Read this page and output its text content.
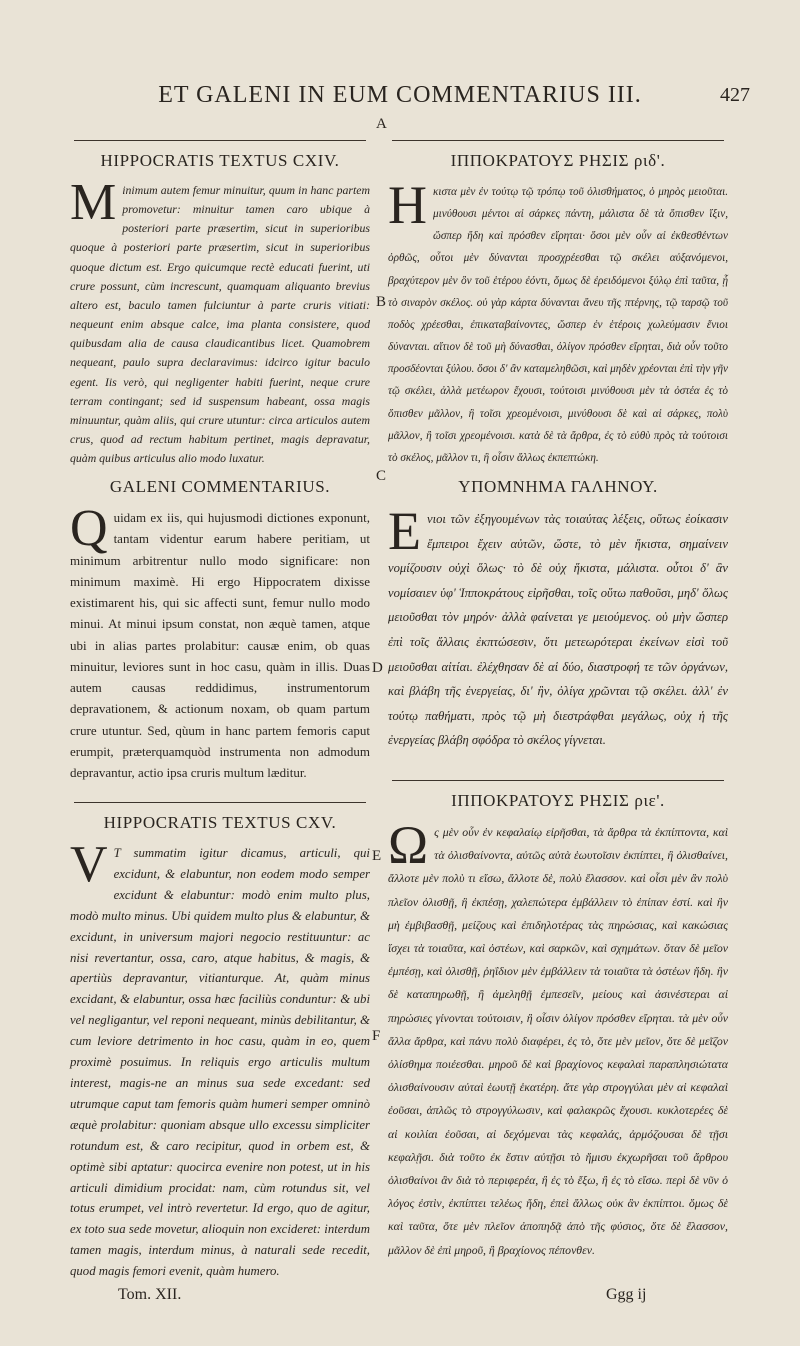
ET GALENI IN EUM COMMENTARIUS III.	427
A
B
C
D
E
F
HIPPOCRATIS TEXTUS CXIV.

M inimum autem femur minuitur, quum in hanc partem promovetur: minuitur tamen caro ubique à posteriori parte præsertim, sicut in superioribus quoque à posteriori parte præsertim, sicut in superioribus quoque dictum est. Ergo quicumque rectè educati fuerint, uti crure possunt, cùm increscunt, quamquam aliquanto brevius altero est, baculo tamen fulciuntur à parte cruris vitiati: nequeunt enim absque calce, ima planta consistere, quod quibusdam alia de causa claudicantibus licet. Quamobrem nequeant, paulo supra declaravimus: idcirco igitur baculo egent. Iis verò, qui negligenter habiti fuerint, neque crure terram contingant; sed id suspensum habeant, ossa magis minuuntur, quàm aliis, qui crure utuntur: circa articulos autem crus, quod ad rectum habitum pertinet, magis depravatur, quàm quibus articulus alio modo luxatur.

GALENI COMMENTARIUS.

Q uidam ex iis, qui hujusmodi dictiones exponunt, tantam videntur earum habere peritiam, ut minimum arbitrentur nullo modo significare: non minimum maximè. Hi ergo Hippocratem dixisse existimarent his, qui sic affecti sunt, femur nullo modo minui. At minui ipsum constat, non æquè tamen, atque ubi in alias partes prolabitur: causæ enim, ob quas minuitur, leviores sunt in hoc casu, quàm in illis. Duas autem causas reddidimus, instrumentorum depravationem, & actionum noxam, ob quam partum crure utuntur. Sed, qùum in hanc partem femoris caput erumpit, præterquamquòd instrumenta non admodum depravantur, actio ipsa cruris multum læditur.

HIPPOCRATIS TEXTUS CXV.

V T summatim igitur dicamus, articuli, qui excidunt, & elabuntur, non eodem modo semper excidunt & elabuntur: modò enim multo plus, modò multo minus. Ubi quidem multo plus & elabuntur, & excidunt, in universum majori negocio restituuntur: ac nisi revertantur, ossa, caro, atque habitus, & magis, & apertiùs depravantur, vitianturque. At, quàm minus excidant, & elabuntur, ossa hæc faciliùs conduntur: & ubi vel negligantur, vel reponi nequeant, minùs debilitantur, & cum leviore detrimento in hoc casu, quàm in eo, quem proximè posuimus. In reliquis ergo articulis multum interest, magis-ne an minus sua sede excedant: sed utrumque caput tam femoris quàm humeri semper omninò æquè prolabitur: quoniam absque ullo excessu simpliciter rotundum est, & caro recipitur, quod in orbem est, & optimè sibi aptatur: quocirca evenire non potest, ut in his articuli dimidium procidat: nam, cùm rotundus sit, vel totus erumpet, vel intrò revertetur. Id ergo, quo de agitur, ex toto sua sede movetur, alioquin non excideret: interdum tamen magis, interdum minus, à naturali sede recedit, quod magis femori evenit, quàm humero.

Tom. XII.
ΙΠΠΟΚΡΑΤΟΥΣ ΡΗΣΙΣ ριδ'.

Η κιστα μὲν ἐν τούτῳ τῷ τρόπῳ τοῦ ὀλισθήματος, ὁ μηρὸς μειοῦται. μινύθουσι μέντοι αἱ σάρκες πάντη, μάλιστα δὲ τὰ ὄπισθεν ἴξιν, ὥσπερ ἤδη καὶ πρόσθεν εἴρηται· ὅσοι μὲν οὖν αἱ ἐκθεσθέντων ὀρθῶς, οὗτοι μὲν δύνανται προσχρέεσθαι τῷ σκέλει αὐξανόμενοι, βραχύτερον μὲν ὂν τοῦ ἑτέρου ἐόντι, ὅμως δὲ ἐρειδόμενοι ξύλῳ ἐπὶ ταῦτα, ᾗ τὸ σιναρὸν σκέλος. οὐ γὰρ κάρτα δύνανται ἄνευ τῆς πτέρνης, τῷ ταρσῷ τοῦ ποδὸς χρέεσθαι, ἐπικαταβαίνοντες, ὥσπερ ἐν ἑτέροις χωλεύμασιν ἔνιοι δύνανται. αἴτιον δὲ τοῦ μὴ δύνασθαι, ὀλίγον πρόσθεν εἴρηται, διὰ οὖν τοῦτο προσδέονται ξύλου. ὅσοι δ' ἂν καταμεληθῶσι, καὶ μηδὲν χρέονται ἐπὶ τὴν γῆν τῷ σκέλει, ἀλλὰ μετέωρον ἔχουσι, τούτοισι μινύθουσι μὲν τὰ ὀστέα ἐς τὸ ὄπισθεν μᾶλλον, ἢ τοῖσι χρεομένοισι, μινύθουσι δὲ καὶ αἱ σάρκες, πολὺ μᾶλλον, ἢ τοῖσι χρεομένοισι. κατὰ δὲ τὰ ἄρθρα, ἐς τὸ εὐθὺ πρὸς τὰ τούτοισι τὸ σκέλος, μᾶλλον τι, ἢ οἷσιν ἄλλως ἐκπεπτώκη.

ΥΠΟΜΝΗΜΑ ΓΑΛΗΝΟΥ.

Ε νιοι τῶν ἐξηγουμένων τὰς τοιαύτας λέξεις, οὕτως ἐοίκασιν ἔμπειροι ἔχειν αὐτῶν, ὥστε, τὸ μὲν ἥκιστα, σημαίνειν νομίζουσιν οὐχὶ ὅλως· τὸ δὲ οὐχ ἥκιστα, μάλιστα. οὗτοι δ' ἂν νομίσαιεν ὑφ' Ἱπποκράτους εἰρῆσθαι, τοῖς οὕτω παθοῦσι, μηδ' ὅλως μειοῦσθαι τὸν μηρόν· ἀλλὰ φαίνεται γε μειούμενος. οὐ μὴν ὥσπερ ἐπὶ τοῖς ἄλλαις ἐκπτώσεσιν, ὅτι μετεωρότεραι ἐκείνων εἰσὶ τοῦ μειοῦσθαι αἰτίαι. ἐλέχθησαν δὲ αἱ δύο, διαστροφή τε τῶν ὀργάνων, καὶ βλάβη τῆς ἐνεργείας, δι' ἣν, ὀλίγα χρῶνται τῷ σκέλει. ἀλλ' ἐν τούτῳ παθήματι, πρὸς τῷ μὴ διεστράφθαι μεγάλως, οὐχ ἡ τῆς ἐνεργείας βλάβη σφόδρα τὸ σκέλος γίγνεται.

ΙΠΠΟΚΡΑΤΟΥΣ ΡΗΣΙΣ ριε'.

Ω ς μὲν οὖν ἐν κεφαλαίῳ εἰρῆσθαι, τὰ ἄρθρα τὰ ἐκπίπτοντα, καὶ τὰ ὀλισθαίνοντα, αὐτῶς αὐτὰ ἑωυτοῖσιν ἐκπίπτει, ἢ ὀλισθαίνει, ἄλλοτε μὲν πολὺ τι εἴσω, ἄλλοτε δὲ, πολὺ ἔλασσον. καὶ οἷσι μὲν ἂν πολὺ πλεῖον ὀλισθῇ, ἢ ἐκπέσῃ, χαλεπώτερα ἐμβάλλειν τὸ ἐπίπαν ἐστί. καὶ ἢν μὴ ἐμβιβασθῇ, μείζους καὶ ἐπιδηλοτέρας τὰς πηρώσιας, καὶ κακώσιας ἴσχει τὰ τοιαῦτα, καὶ ὀστέων, καὶ σαρκῶν, καὶ σχημάτων. ὅταν δὲ μεῖον ἐμπέσῃ, καὶ ὀλισθῇ, ῥηΐδιον μὲν ἐμβάλλειν τὰ τοιαῦτα τὰ ὀστέων ἤδη. ἢν δὲ καταπηρωθῇ, ἢ ἀμεληθῇ ἐμπεσεῖν, μείους καὶ ἀσινέστεραι αἱ πηρώσιες γίνονται τούτοισιν, ἢ οἷσιν ὀλίγον πρόσθεν εἴρηται. τὰ μὲν οὖν ἄλλα ἄρθρα, καὶ πάνυ πολὺ διαφέρει, ἐς τὸ, ὅτε μὲν μεῖον, ὅτε δὲ μεῖζον ὀλίσθημα ποιέεσθαι. μηροῦ δὲ καὶ βραχίονος κεφαλαὶ παραπλησιώτατα ὀλισθαίνουσιν αὐταὶ ἑωυτῇ ἑκατέρη. ἅτε γὰρ στρογγύλαι μὲν αἱ κεφαλαὶ ἐοῦσαι, ἁπλῶς τὸ στρογγύλωσιν, καὶ φαλακρῶς ἔχουσι. κυκλοτερέες δὲ αἱ κοιλίαι ἐοῦσαι, αἱ δεχόμεναι τὰς κεφαλάς, ἁρμόζουσαι δὲ τῇσι κεφαλῇσι. διὰ τοῦτο ἐκ ἔστιν αὐτῇσι τὸ ἥμισυ ἐκχωρῆσαι τοῦ ἄρθρου ὀλισθαίνοι ἂν διὰ τὸ περιφερέα, ἢ ἐς τὸ ἔξω, ἢ ἐς τὸ εἴσω. περὶ δὲ νῦν ὁ λόγος ἐστὶν, ἐκπίπτει τελέως ἤδη, ἐπεὶ ἄλλως οὐκ ἂν ἐκπίπτοι. ὅμως δὲ καὶ ταῦτα, ὅτε μὲν πλεῖον ἀποπηδᾷ ἀπὸ τῆς φύσιος, ὅτε δὲ ἔλασσον, μᾶλλον δὲ ἐπὶ μηροῦ, ἢ βραχίονος πέπονθεν.

Ggg ij
